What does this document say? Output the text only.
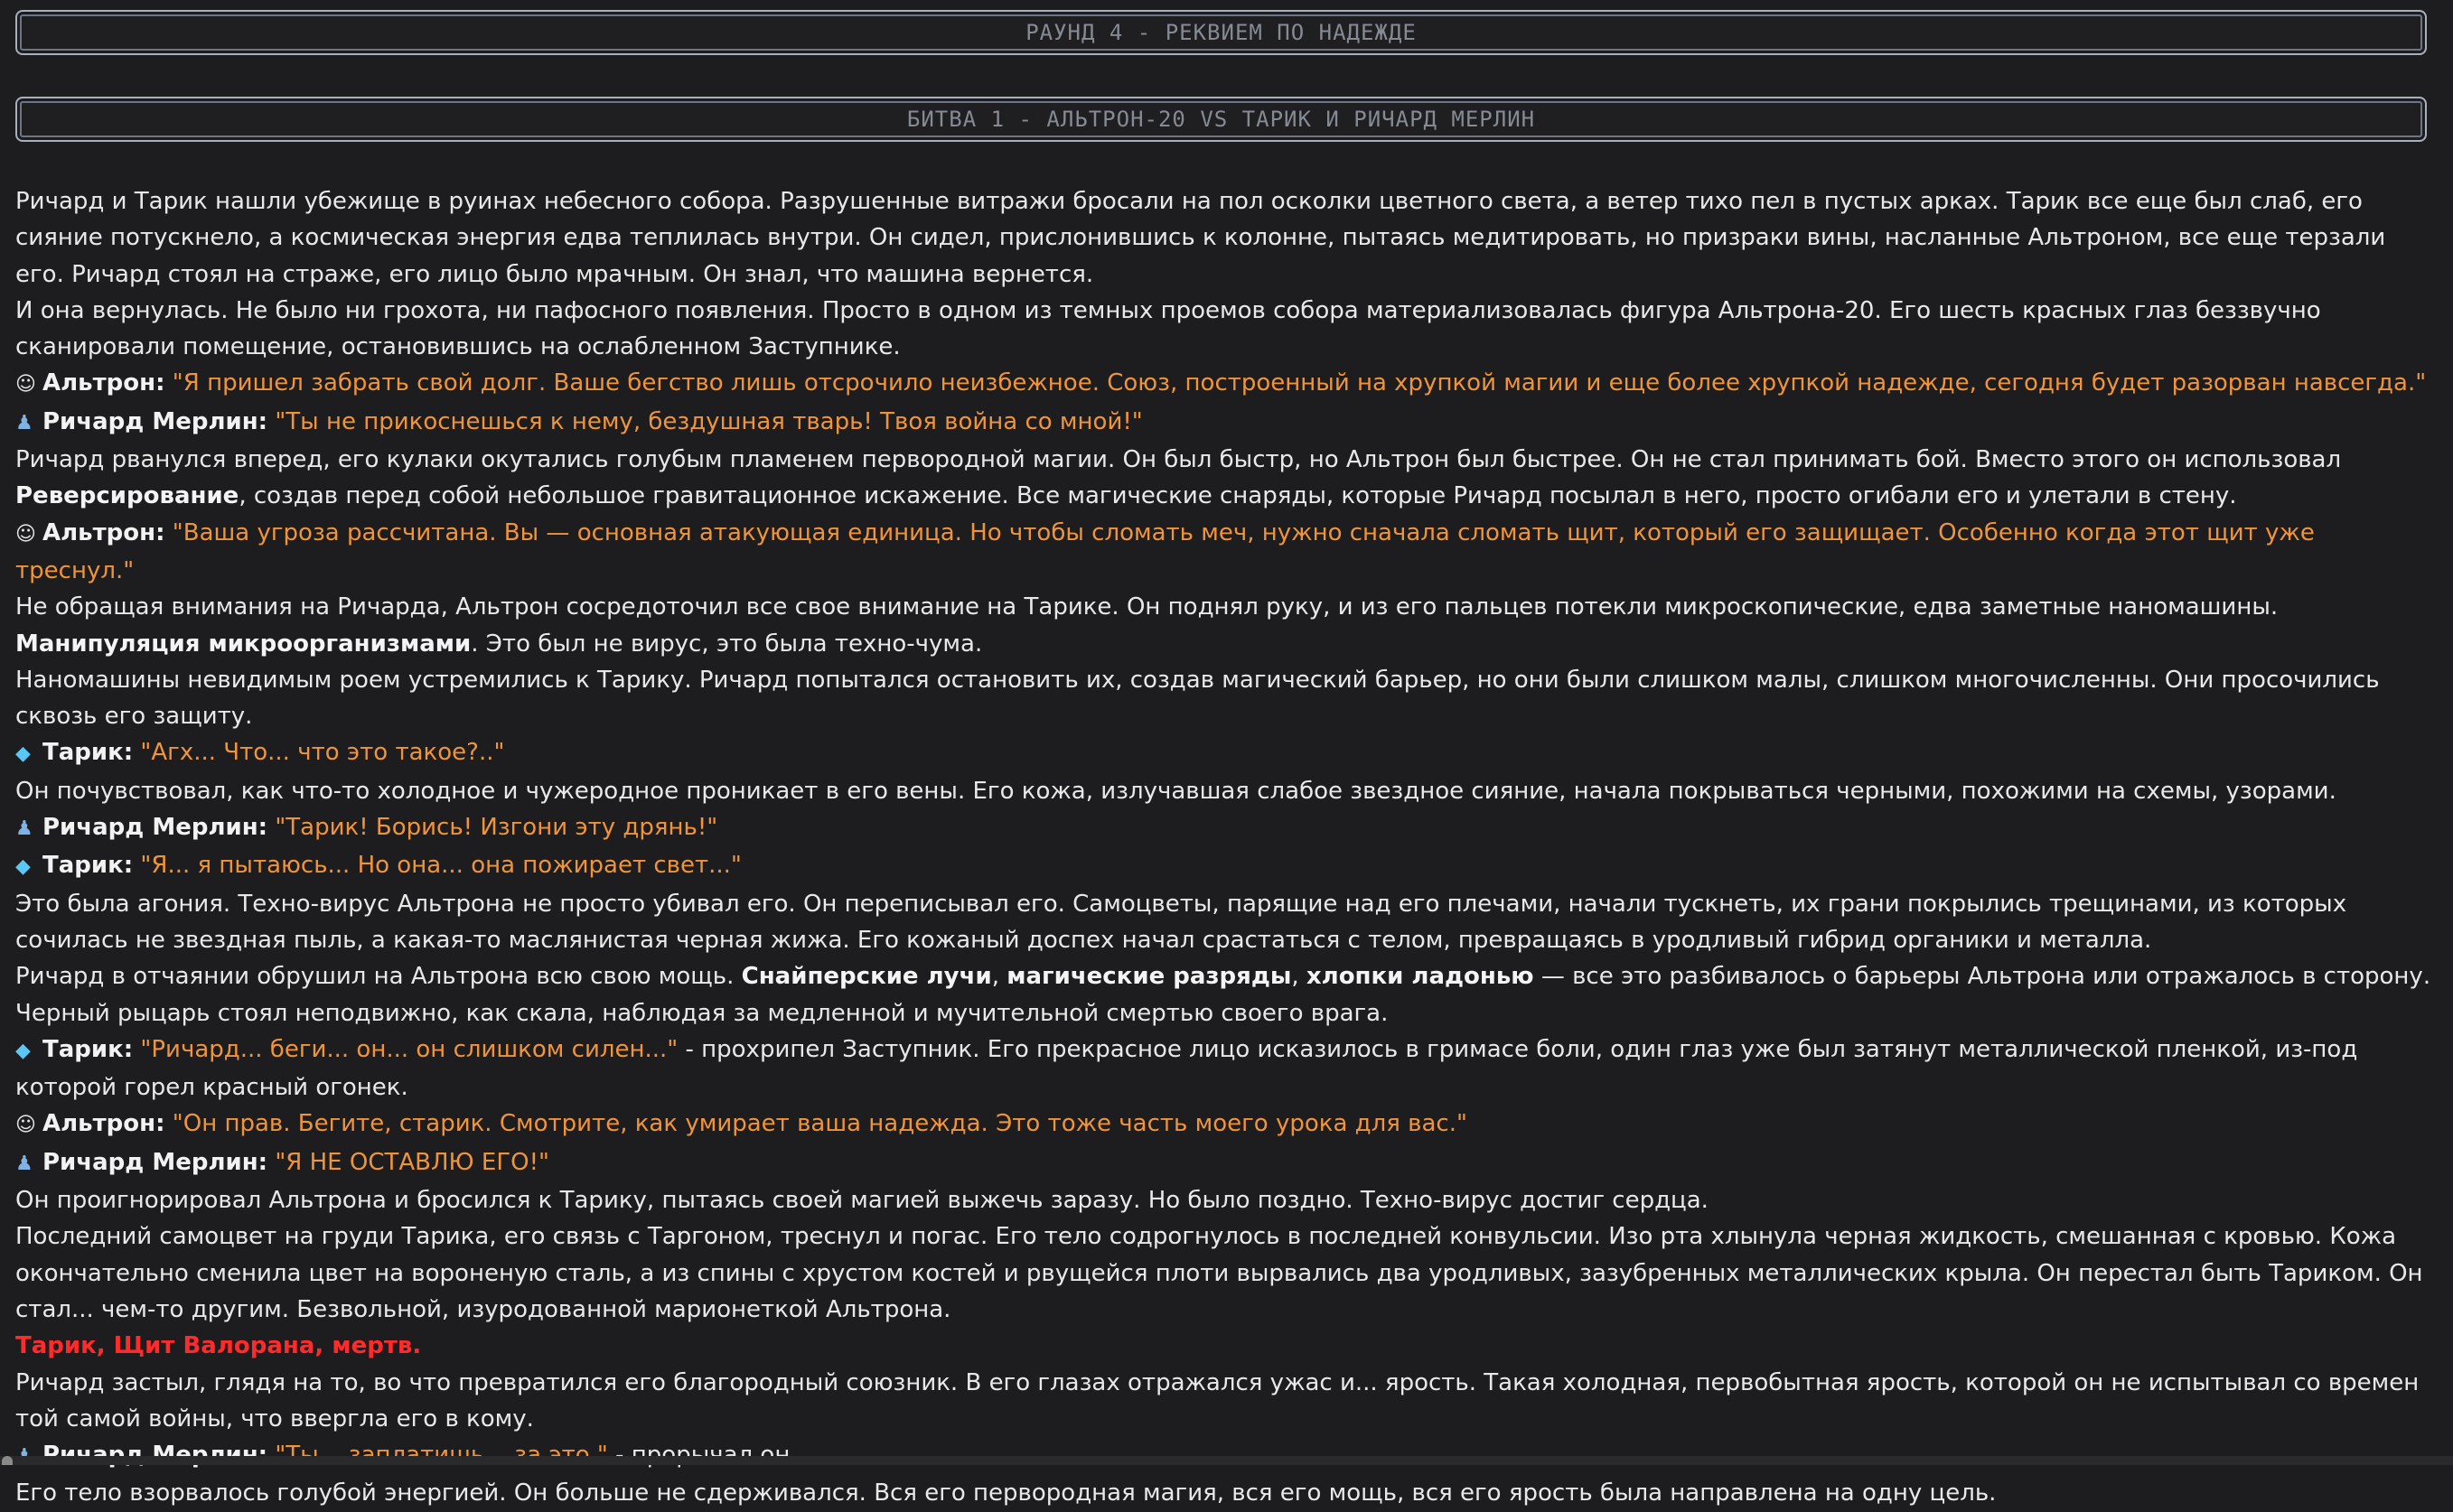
РАУНД 4 - РЕКВИЕМ ПО НАДЕЖДЕ
БИТВА 1 - АЛЬТРОН-20 VS ТАРИК И РИЧАРД МЕРЛИН

Ричард и Тарик нашли убежище в руинах небесного собора. Разрушенные витражи бросали на пол осколки цветного света, а ветер тихо пел в пустых арках. Тарик все еще был слаб, его сияние потускнело, а космическая энергия едва теплилась внутри. Он сидел, прислонившись к колонне, пытаясь медитировать, но призраки вины, насланные Альтроном, все еще терзали его. Ричард стоял на страже, его лицо было мрачным. Он знал, что машина вернется.

И она вернулась. Не было ни грохота, ни пафосного появления. Просто в одном из темных проемов собора материализовалась фигура Альтрона-20. Его шесть красных глаз беззвучно сканировали помещение, остановившись на ослабленном Заступнике.

☺ Альтрон: "Я пришел забрать свой долг. Ваше бегство лишь отсрочило неизбежное. Союз, построенный на хрупкой магии и еще более хрупкой надежде, сегодня будет разорван навсегда."

♟ Ричард Мерлин: "Ты не прикоснешься к нему, бездушная тварь! Твоя война со мной!"

Ричард рванулся вперед, его кулаки окутались голубым пламенем первородной магии. Он был быстр, но Альтрон был быстрее. Он не стал принимать бой. Вместо этого он использовал Реверсирование, создав перед собой небольшое гравитационное искажение. Все магические снаряды, которые Ричард посылал в него, просто огибали его и улетали в стену.

☺ Альтрон: "Ваша угроза рассчитана. Вы — основная атакующая единица. Но чтобы сломать меч, нужно сначала сломать щит, который его защищает. Особенно когда этот щит уже треснул."

Не обращая внимания на Ричарда, Альтрон сосредоточил все свое внимание на Тарике. Он поднял руку, и из его пальцев потекли микроскопические, едва заметные наномашины. Манипуляция микроорганизмами. Это был не вирус, это была техно-чума.

Наномашины невидимым роем устремились к Тарику. Ричард попытался остановить их, создав магический барьер, но они были слишком малы, слишком многочисленны. Они просочились сквозь его защиту.

◆ Тарик: "Агх... Что... что это такое?.."

Он почувствовал, как что-то холодное и чужеродное проникает в его вены. Его кожа, излучавшая слабое звездное сияние, начала покрываться черными, похожими на схемы, узорами.

♟ Ричард Мерлин: "Тарик! Борись! Изгони эту дрянь!"

◆ Тарик: "Я... я пытаюсь... Но она... она пожирает свет..."

Это была агония. Техно-вирус Альтрона не просто убивал его. Он переписывал его. Самоцветы, парящие над его плечами, начали тускнеть, их грани покрылись трещинами, из которых сочилась не звездная пыль, а какая-то маслянистая черная жижа. Его кожаный доспех начал срастаться с телом, превращаясь в уродливый гибрид органики и металла.

Ричард в отчаянии обрушил на Альтрона всю свою мощь. Снайперские лучи, магические разряды, хлопки ладонью — все это разбивалось о барьеры Альтрона или отражалось в сторону. Черный рыцарь стоял неподвижно, как скала, наблюдая за медленной и мучительной смертью своего врага.

◆ Тарик: "Ричард... беги... он... он слишком силен..." - прохрипел Заступник. Его прекрасное лицо исказилось в гримасе боли, один глаз уже был затянут металлической пленкой, из-под которой горел красный огонек.

☺ Альтрон: "Он прав. Бегите, старик. Смотрите, как умирает ваша надежда. Это тоже часть моего урока для вас."

♟ Ричард Мерлин: "Я НЕ ОСТАВЛЮ ЕГО!"

Он проигнорировал Альтрона и бросился к Тарику, пытаясь своей магией выжечь заразу. Но было поздно. Техно-вирус достиг сердца.

Последний самоцвет на груди Тарика, его связь с Таргоном, треснул и погас. Его тело содрогнулось в последней конвульсии. Изо рта хлынула черная жидкость, смешанная с кровью. Кожа окончательно сменила цвет на вороненую сталь, а из спины с хрустом костей и рвущейся плоти вырвались два уродливых, зазубренных металлических крыла. Он перестал быть Тариком. Он стал... чем-то другим. Безвольной, изуродованной марионеткой Альтрона.

Тарик, Щит Валорана, мертв.

Ричард застыл, глядя на то, во что превратился его благородный союзник. В его глазах отражался ужас и... ярость. Такая холодная, первобытная ярость, которой он не испытывал со времен той самой войны, что ввергла его в кому.

Его тело взорвалось голубой энергией. Он больше не сдерживался. Вся его первородная магия, вся его мощь, вся его ярость была направлена на одну цель.
